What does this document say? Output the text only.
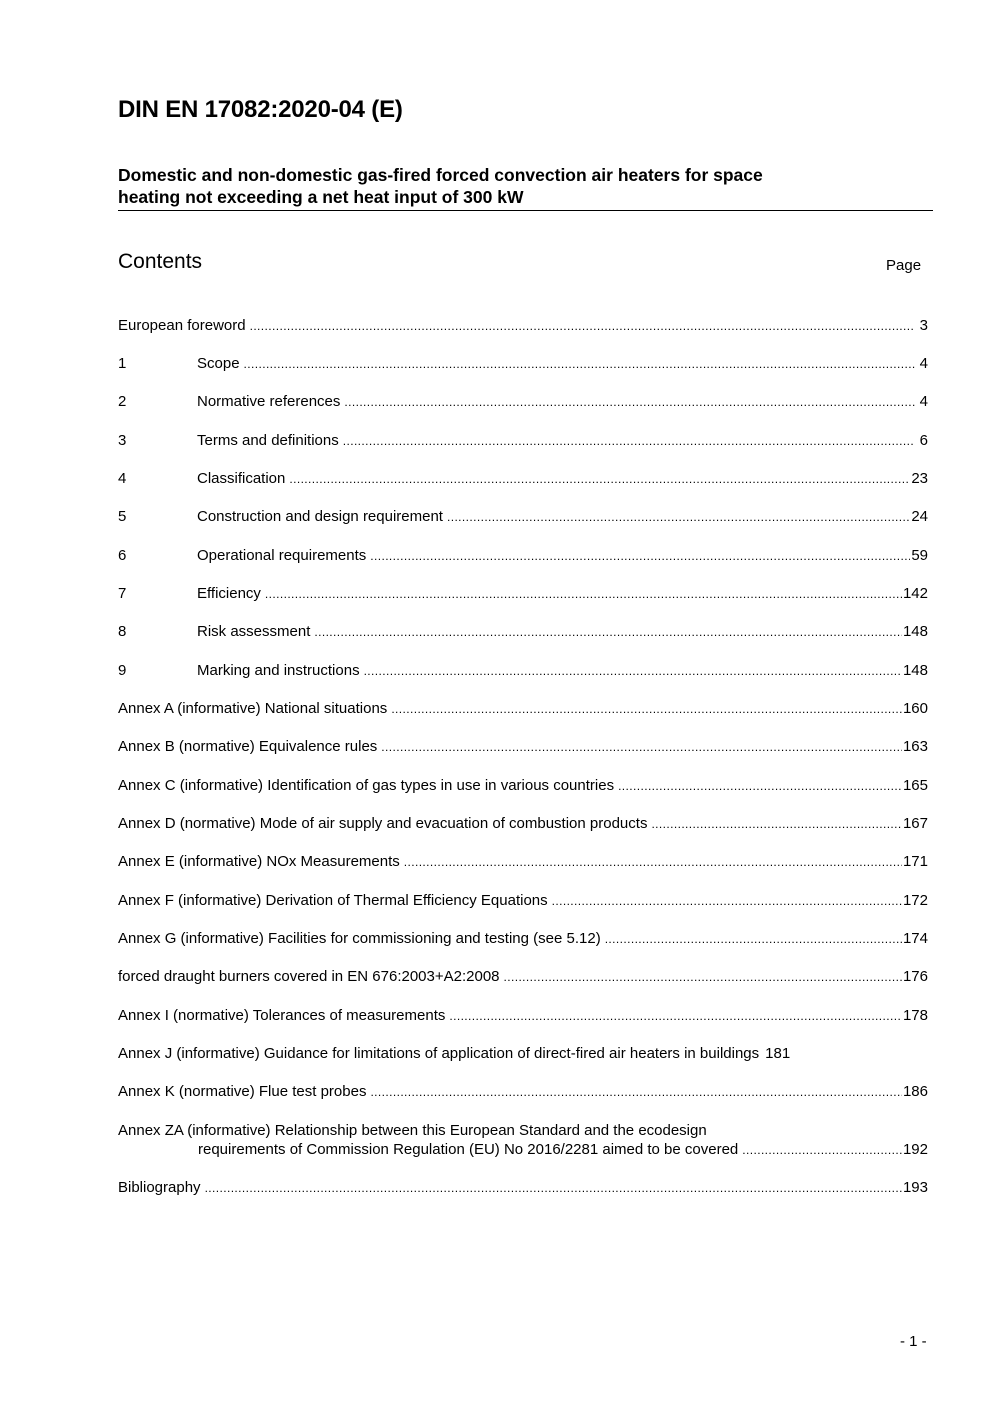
DIN EN 17082:2020-04 (E)
Domestic and non-domestic gas-fired forced convection air heaters for space
heating not exceeding a net heat input of 300 kW
Contents	Page
European foreword .....	3
1	Scope .....	4
2	Normative references .....	4
3	Terms and definitions .....	6
4	Classification .....	23
5	Construction and design requirement .....	24
6	Operational requirements .....	59
7	Efficiency .....	142
8	Risk assessment .....	148
9	Marking and instructions .....	148
Annex A (informative) National situations .....	160
Annex B (normative) Equivalence rules .....	163
Annex C (informative) Identification of gas types in use in various countries .....	165
Annex D (normative) Mode of air supply and evacuation of combustion products .....	167
Annex E (informative) NOx Measurements .....	171
Annex F (informative) Derivation of Thermal Efficiency Equations .....	172
Annex G (informative) Facilities for commissioning and testing (see 5.12) .....	174
forced draught burners covered in EN 676:2003+A2:2008 .....	176
Annex I (normative) Tolerances of measurements .....	178
Annex J (informative) Guidance for limitations of application of direct-fired air heaters in buildings 181
Annex K (normative) Flue test probes .....	186
Annex ZA (informative) Relationship between this European Standard and the ecodesign
requirements of Commission Regulation (EU) No 2016/2281 aimed to be covered .....	192
Bibliography .....	193
- 1 -
